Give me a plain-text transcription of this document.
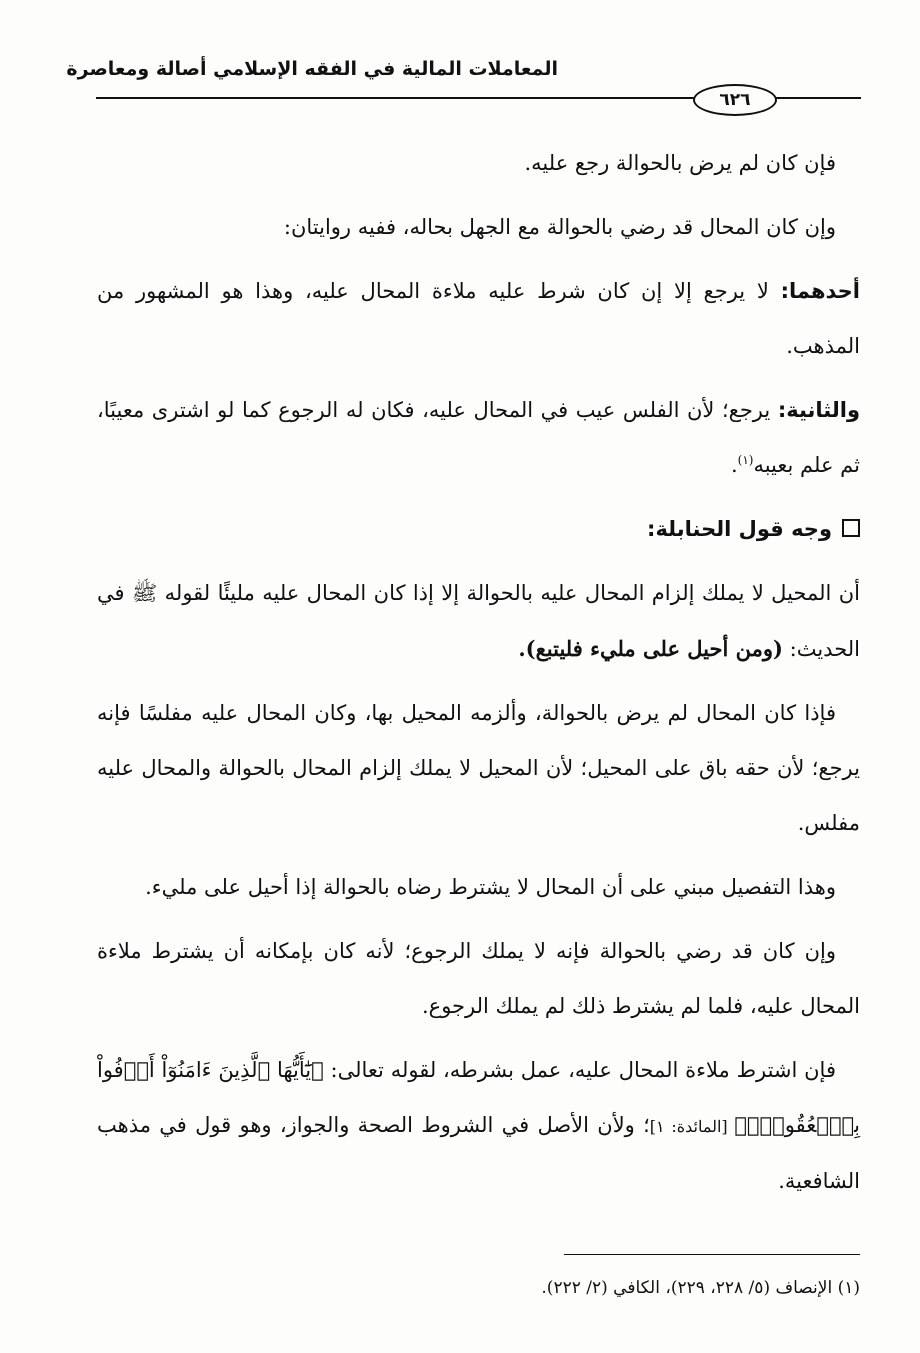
المعاملات المالية في الفقه الإسلامي أصالة ومعاصرة
٦٢٦

فإن كان لم يرض بالحوالة رجع عليه.

وإن كان المحال قد رضي بالحوالة مع الجهل بحاله، ففيه روايتان:

أحدهما: لا يرجع إلا إن كان شرط عليه ملاءة المحال عليه، وهذا هو المشهور من المذهب.

والثانية: يرجع؛ لأن الفلس عيب في المحال عليه، فكان له الرجوع كما لو اشترى معيبًا، ثم علم بعيبه$^{(١)}$.

وجه قول الحنابلة:

أن المحيل لا يملك إلزام المحال عليه بالحوالة إلا إذا كان المحال عليه مليئًا لقوله ﷺ في الحديث: (ومن أحيل على مليء فليتبع).

فإذا كان المحال لم يرض بالحوالة، وألزمه المحيل بها، وكان المحال عليه مفلسًا فإنه يرجع؛ لأن حقه باق على المحيل؛ لأن المحيل لا يملك إلزام المحال بالحوالة والمحال عليه مفلس.

وهذا التفصيل مبني على أن المحال لا يشترط رضاه بالحوالة إذا أحيل على مليء.

وإن كان قد رضي بالحوالة فإنه لا يملك الرجوع؛ لأنه كان بإمكانه أن يشترط ملاءة المحال عليه، فلما لم يشترط ذلك لم يملك الرجوع.

فإن اشترط ملاءة المحال عليه، عمل بشرطه، لقوله تعالى: ﴿يَٰٓأَيُّهَا ٱلَّذِينَ ءَامَنُوٓاْ أَوۡفُواْ بِٱلۡعُقُودِۚ﴾ [المائدة: ١]؛ ولأن الأصل في الشروط الصحة والجواز، وهو قول في مذهب الشافعية.

(١) الإنصاف (٥/ ٢٢٨، ٢٢٩)، الكافي (٢/ ٢٢٢).
